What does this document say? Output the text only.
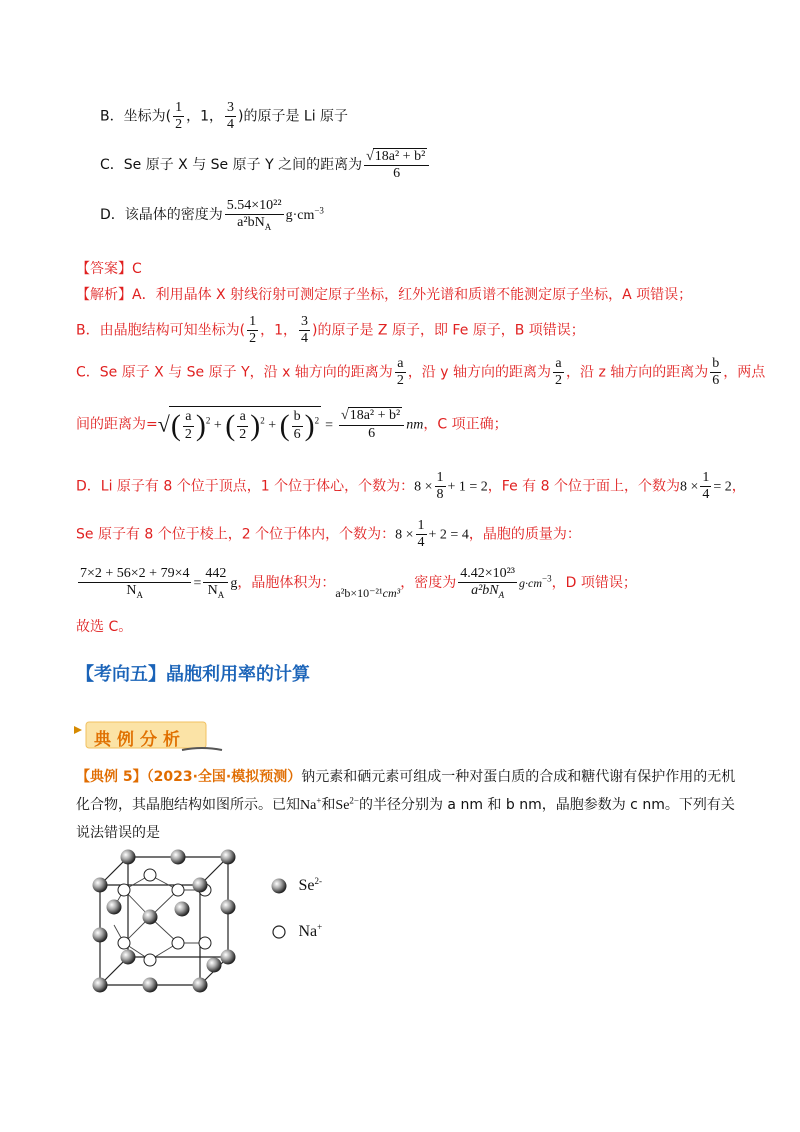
B．坐标为( $\frac{1}{2}$ ，1， $\frac{3}{4}$ )的原子是 Li 原子
C．Se 原子 X 与 Se 原子 Y 之间的距离为 $\frac{\text{√18a² + b²}}{6}$
D．该晶体的密度为 $\frac{\text{5.54×10²²}}{a^2bN_A} g\cdot cm^{-3}$
【答案】C
【解析】A．利用晶体 X 射线衍射可测定原子坐标，红外光谱和质谱不能测定原子坐标，A 项错误；
B．由晶胞结构可知坐标为( $\frac{1}{2}$ ，1， $\frac{3}{4}$ )的原子是 Z 原子，即 Fe 原子，B 项错误；
C．Se 原子 X 与 Se 原子 Y，沿 x 轴方向的距离为 $\frac{a}{2}$ ，沿 y 轴方向的距离为 $\frac{a}{2}$ ，沿 z 轴方向的距离为 $\frac{b}{6}$ ，两点
间的距离为=√( $\frac{a}{2} )^2$ + ( $\frac{a}{2} )^2$ + ( $\frac{b}{6} )^2 = \frac{\text{√18a² + b²}}{6}$ nm，C 项正确；
D．Li 原子有 8 个位于顶点，1 个位于体心，个数为：$8 \times \frac{1}{8} + 1 = 2$，Fe 有 8 个位于面上，个数为$8 \times \frac{1}{4} = 2$，
Se 原子有 8 个位于棱上，2 个位于体内，个数为：$8 \times \frac{1}{4} + 2 = 4$，晶胞的质量为：
$\frac{7\times 2 + 56\times 2 + 79\times 4}{N_A} = \frac{442}{N_A}$ g，晶胞体积为：a²b×10⁻²¹cm³，密度为 $\frac{\text{4.42×10²³}}{a^2bN_A} g\cdot cm^{-3}$，D 项错误；
故选 C。
【考向五】晶胞利用率的计算
典例分析
【典例 5】（2023·全国·模拟预测）钠元素和硒元素可组成一种对蛋白质的合成和糖代谢有保护作用的无机
化合物，其晶胞结构如图所示。已知Na+和$Se^{2-}$的半径分别为 a nm 和 b nm，晶胞参数为 c nm。下列有关
说法错误的是
$Se^{2-}$
Na+
